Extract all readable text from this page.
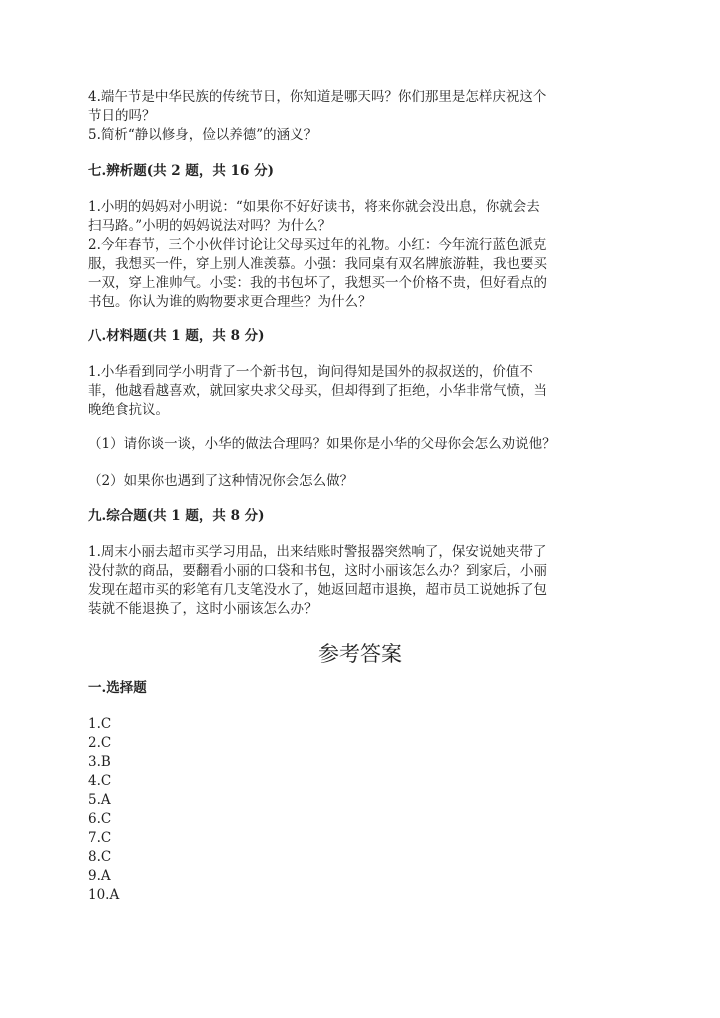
4.端午节是中华民族的传统节日，你知道是哪天吗？你们那里是怎样庆祝这个
节日的吗？
5.简析“静以修身，俭以养德”的涵义？
七.辨析题(共 2 题，共 16 分)
1.小明的妈妈对小明说：“如果你不好好读书，将来你就会没出息，你就会去
扫马路。”小明的妈妈说法对吗？为什么？
2.今年春节，三个小伙伴讨论让父母买过年的礼物。小红：今年流行蓝色派克
服，我想买一件，穿上别人准羡慕。小强：我同桌有双名牌旅游鞋，我也要买
一双，穿上准帅气。小雯：我的书包坏了，我想买一个价格不贵，但好看点的
书包。你认为谁的购物要求更合理些？为什么？
八.材料题(共 1 题，共 8 分)
1.小华看到同学小明背了一个新书包，询问得知是国外的叔叔送的，价值不
菲，他越看越喜欢，就回家央求父母买，但却得到了拒绝，小华非常气愤，当
晚绝食抗议。
（1）请你谈一谈，小华的做法合理吗？如果你是小华的父母你会怎么劝说他？
（2）如果你也遇到了这种情况你会怎么做？
九.综合题(共 1 题，共 8 分)
1.周末小丽去超市买学习用品，出来结账时警报器突然响了，保安说她夹带了
没付款的商品，要翻看小丽的口袋和书包，这时小丽该怎么办？到家后，小丽
发现在超市买的彩笔有几支笔没水了，她返回超市退换，超市员工说她拆了包
装就不能退换了，这时小丽该怎么办？
参考答案
一.选择题
1.C
2.C
3.B
4.C
5.A
6.C
7.C
8.C
9.A
10.A
